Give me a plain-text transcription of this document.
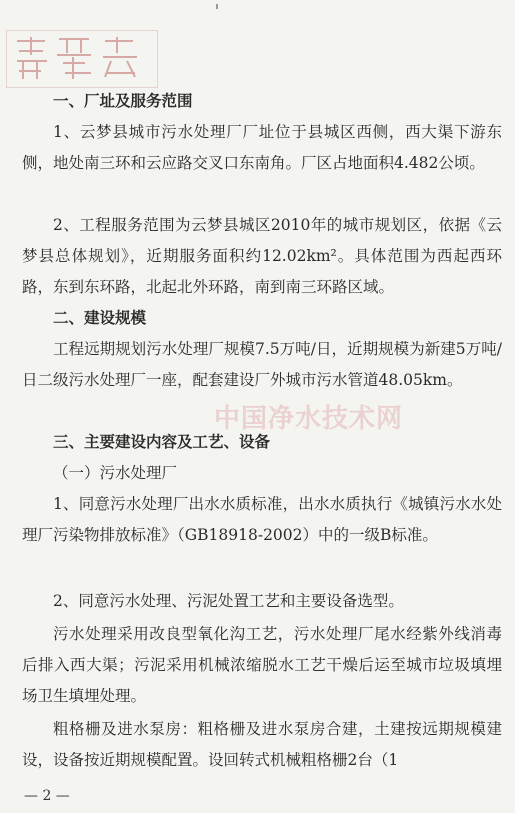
中国净水技术网
一、厂址及服务范围
1、云梦县城市污水处理厂厂址位于县城区西侧，西大渠下游东侧，地处南三环和云应路交叉口东南角。厂区占地面积4.482公顷。
2、工程服务范围为云梦县城区2010年的城市规划区，依据《云梦县总体规划》，近期服务面积约12.02km²。具体范围为西起西环路，东到东环路，北起北外环路，南到南三环路区域。
二、建设规模
工程远期规划污水处理厂规模7.5万吨/日，近期规模为新建5万吨/日二级污水处理厂一座，配套建设厂外城市污水管道48.05km。
三、主要建设内容及工艺、设备
（一）污水处理厂
1、同意污水处理厂出水水质标准，出水水质执行《城镇污水水处理厂污染物排放标准》（GB18918-2002）中的一级B标准。
2、同意污水处理、污泥处置工艺和主要设备选型。
污水处理采用改良型氧化沟工艺，污水处理厂尾水经紫外线消毒后排入西大渠；污泥采用机械浓缩脱水工艺干燥后运至城市垃圾填埋场卫生填埋处理。
粗格栅及进水泵房：粗格栅及进水泵房合建，土建按远期规模建设，设备按近期规模配置。设回转式机械粗格栅2台（1
— 2 —
